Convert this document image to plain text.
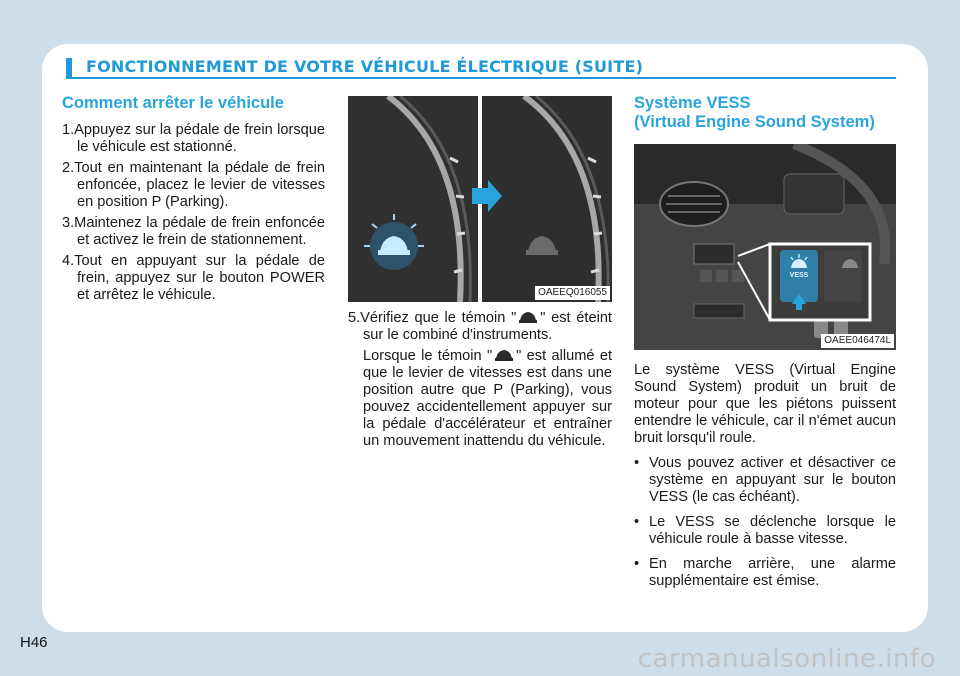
FONCTIONNEMENT DE VOTRE VÉHICULE ÉLECTRIQUE (SUITE)
Comment arrêter le véhicule
1.Appuyez sur la pédale de frein lorsque le véhicule est stationné.
2.Tout en maintenant la pédale de frein enfoncée, placez le levier de vitesses en position P (Parking).
3.Maintenez la pédale de frein enfoncée et activez le frein de stationnement.
4.Tout en appuyant sur la pédale de frein, appuyez sur le bouton POWER et arrêtez le véhicule.	OAEEQ016055
5.Vérifiez que le témoin " " est éteint sur le combiné d'instruments.
Lorsque le témoin " " est allumé et que le levier de vitesses est dans une position autre que P (Parking), vous pouvez accidentellement appuyer sur la pédale d'accélérateur et entraîner un mouvement inattendu du véhicule.
Système VESS
(Virtual Engine Sound System)
VESS
OAEE046474L
Le système VESS (Virtual Engine Sound System) produit un bruit de moteur pour que les piétons puissent entendre le véhicule, car il n'émet aucun bruit lorsqu'il roule.
• Vous pouvez activer et désactiver ce système en appuyant sur le bouton VESS (le cas échéant).
• Le VESS se déclenche lorsque le véhicule roule à basse vitesse.
• En marche arrière, une alarme supplémentaire est émise.
H46
carmanualsonline.info
